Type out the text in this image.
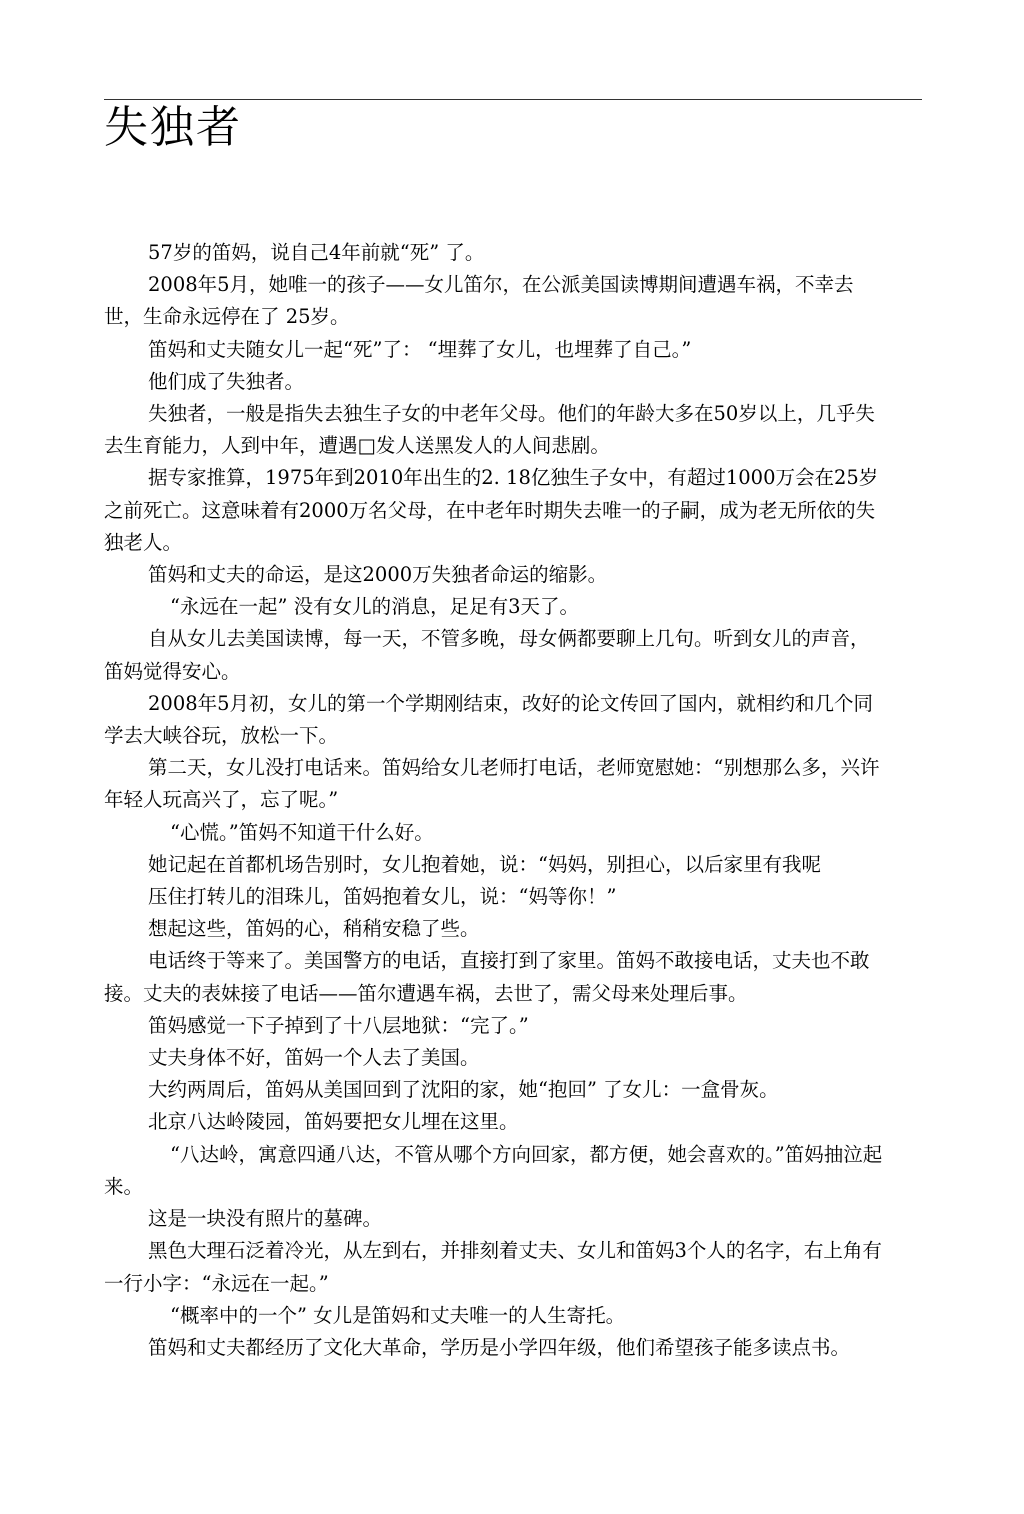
失独者

57岁的笛妈，说自己4年前就“死” 了。

2008年5月，她唯一的孩子——女儿笛尔，在公派美国读博期间遭遇车祸，不幸去世，生命永远停在了 25岁。

笛妈和丈夫随女儿一起“死”了： “埋葬了女儿，也埋葬了自己。”

他们成了失独者。

失独者，一般是指失去独生子女的中老年父母。他们的年龄大多在50岁以上，几乎失去生育能力，人到中年，遭遇□发人送黑发人的人间悲剧。

据专家推算，1975年到2010年出生的2. 18亿独生子女中，有超过1000万会在25岁之前死亡。这意味着有2000万名父母，在中老年时期失去唯一的子嗣，成为老无所依的失独老人。

笛妈和丈夫的命运，是这2000万失独者命运的缩影。

“永远在一起” 没有女儿的消息，足足有3天了。

自从女儿去美国读博，每一天，不管多晚，母女俩都要聊上几句。听到女儿的声音，笛妈觉得安心。

2008年5月初，女儿的第一个学期刚结束，改好的论文传回了国内，就相约和几个同学去大峡谷玩，放松一下。

第二天，女儿没打电话来。笛妈给女儿老师打电话，老师宽慰她：“别想那么多，兴许年轻人玩高兴了，忘了呢。”

“心慌。”笛妈不知道干什么好。

她记起在首都机场告别时，女儿抱着她，说：“妈妈，别担心，以后家里有我呢

压住打转儿的泪珠儿，笛妈抱着女儿，说：“妈等你！”

想起这些，笛妈的心，稍稍安稳了些。

电话终于等来了。美国警方的电话，直接打到了家里。笛妈不敢接电话，丈夫也不敢接。丈夫的表妹接了电话——笛尔遭遇车祸，去世了，需父母来处理后事。

笛妈感觉一下子掉到了十八层地狱：“完了。”

丈夫身体不好，笛妈一个人去了美国。

大约两周后，笛妈从美国回到了沈阳的家，她“抱回” 了女儿：一盒骨灰。

北京八达岭陵园，笛妈要把女儿埋在这里。

“八达岭，寓意四通八达，不管从哪个方向回家，都方便，她会喜欢的。”笛妈抽泣起来。

这是一块没有照片的墓碑。

黑色大理石泛着冷光，从左到右，并排刻着丈夫、女儿和笛妈3个人的名字，右上角有一行小字：“永远在一起。”

“概率中的一个” 女儿是笛妈和丈夫唯一的人生寄托。

笛妈和丈夫都经历了文化大革命，学历是小学四年级，他们希望孩子能多读点书。
